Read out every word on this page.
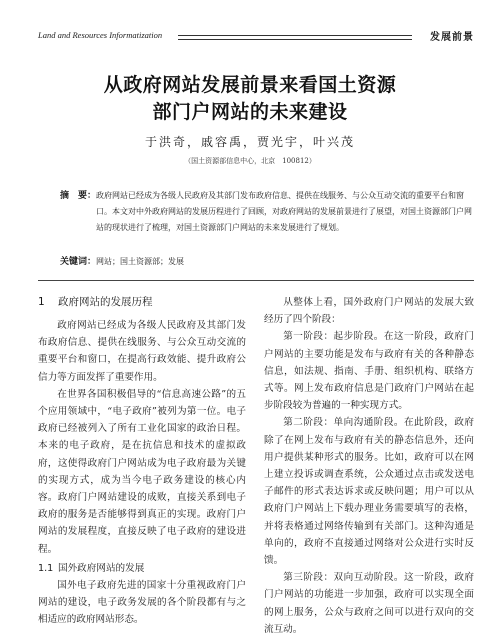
Land and Resources Informatization	发展前景
从政府网站发展前景来看国土资源
部门户网站的未来建设
于洪奇，戚容禹，贾光宇，叶兴茂
（国土资源部信息中心，北京　100812）
摘　要： 政府网站已经成为各级人民政府及其部门发布政府信息、提供在线服务、与公众互动交流的重要平台和窗口。本文对中外政府网站的发展历程进行了回顾，对政府网站的发展前景进行了展望，对国土资源部门户网站的现状进行了梳理，对国土资源部门户网站的未来发展进行了规划。
关键词： 网站；国土资源部；发展
1 政府网站的发展历程

政府网站已经成为各级人民政府及其部门发布政府信息、提供在线服务、与公众互动交流的重要平台和窗口，在提高行政效能、提升政府公信力等方面发挥了重要作用。

在世界各国积极倡导的“信息高速公路”的五个应用领域中，“电子政府”被列为第一位。电子政府已经被列入了所有工业化国家的政治日程。本来的电子政府，是在抗信息和技术的虚拟政府，这使得政府门户网站成为电子政府最为关键的实现方式，成为当今电子政务建设的核心内容。政府门户网站建设的成败，直接关系到电子政府的服务是否能够得到真正的实现。政府门户网站的发展程度，直接反映了电子政府的建设进程。

1.1 国外政府网站的发展

国外电子政府先进的国家十分重视政府门户网站的建设，电子政务发展的各个阶段都有与之相适应的政府网站形态。

从整体上看，国外政府门户网站的发展大致经历了四个阶段：

第一阶段：起步阶段。在这一阶段，政府门户网站的主要功能是发布与政府有关的各种静态信息，如法规、指南、手册、组织机构、联络方式等。网上发布政府信息是门政府门户网站在起步阶段较为普遍的一种实现方式。

第二阶段：单向沟通阶段。在此阶段，政府除了在网上发布与政府有关的静态信息外，还向用户提供某种形式的服务。比如，政府可以在网上建立投诉或调查系统，公众通过点击或发送电子邮件的形式表达诉求或反映问题；用户可以从政府门户网站上下载办理业务需要填写的表格，并将表格通过网络传输到有关部门。这种沟通是单向的，政府不直接通过网络对公众进行实时反馈。

第三阶段：双向互动阶段。这一阶段，政府门户网站的功能进一步加强，政府可以实现全面的网上服务，公众与政府之间可以进行双向的交流互动。
